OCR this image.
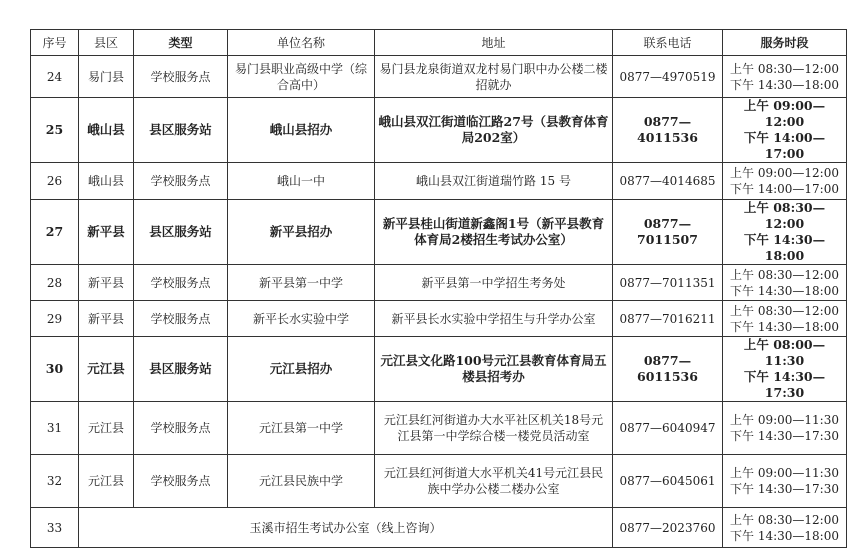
序号	县区	类型	单位名称	地址	联系电话	服务时段
24	易门县	学校服务点	易门县职业高级中学（综合高中）	易门县龙泉街道双龙村易门职中办公楼二楼招就办	0877—4970519	上午 08:30—12:00
下午 14:30—18:00

25	峨山县	县区服务站	峨山县招办	峨山县双江街道临江路27号（县教育体育局202室）	0877—4011536	上午 09:00—12:00
下午 14:00—17:00

26	峨山县	学校服务点	峨山一中	峨山县双江街道瑞竹路 15 号	0877—4014685	上午 09:00—12:00
下午 14:00—17:00

27	新平县	县区服务站	新平县招办	新平县桂山街道新鑫阁1号（新平县教育体育局2楼招生考试办公室）	0877—7011507	上午 08:30—12:00
下午 14:30—18:00

28	新平县	学校服务点	新平县第一中学	新平县第一中学招生考务处	0877—7011351	上午 08:30—12:00
下午 14:30—18:00

29	新平县	学校服务点	新平长水实验中学	新平县长水实验中学招生与升学办公室	0877—7016211	上午 08:30—12:00
下午 14:30—18:00

30	元江县	县区服务站	元江县招办	元江县文化路100号元江县教育体育局五楼县招考办	0877—6011536	上午 08:00—11:30
下午 14:30—17:30

31	元江县	学校服务点	元江县第一中学	元江县红河街道办大水平社区机关18号元江县第一中学综合楼一楼党员活动室	0877—6040947	上午 09:00—11:30
下午 14:30—17:30

32	元江县	学校服务点	元江县民族中学	元江县红河街道大水平机关41号元江县民族中学办公楼二楼办公室	0877—6045061	上午 09:00—11:30
下午 14:30—17:30

33	玉溪市招生考试办公室（线上咨询）				0877—2023760	上午 08:30—12:00
下午 14:30—18:00
